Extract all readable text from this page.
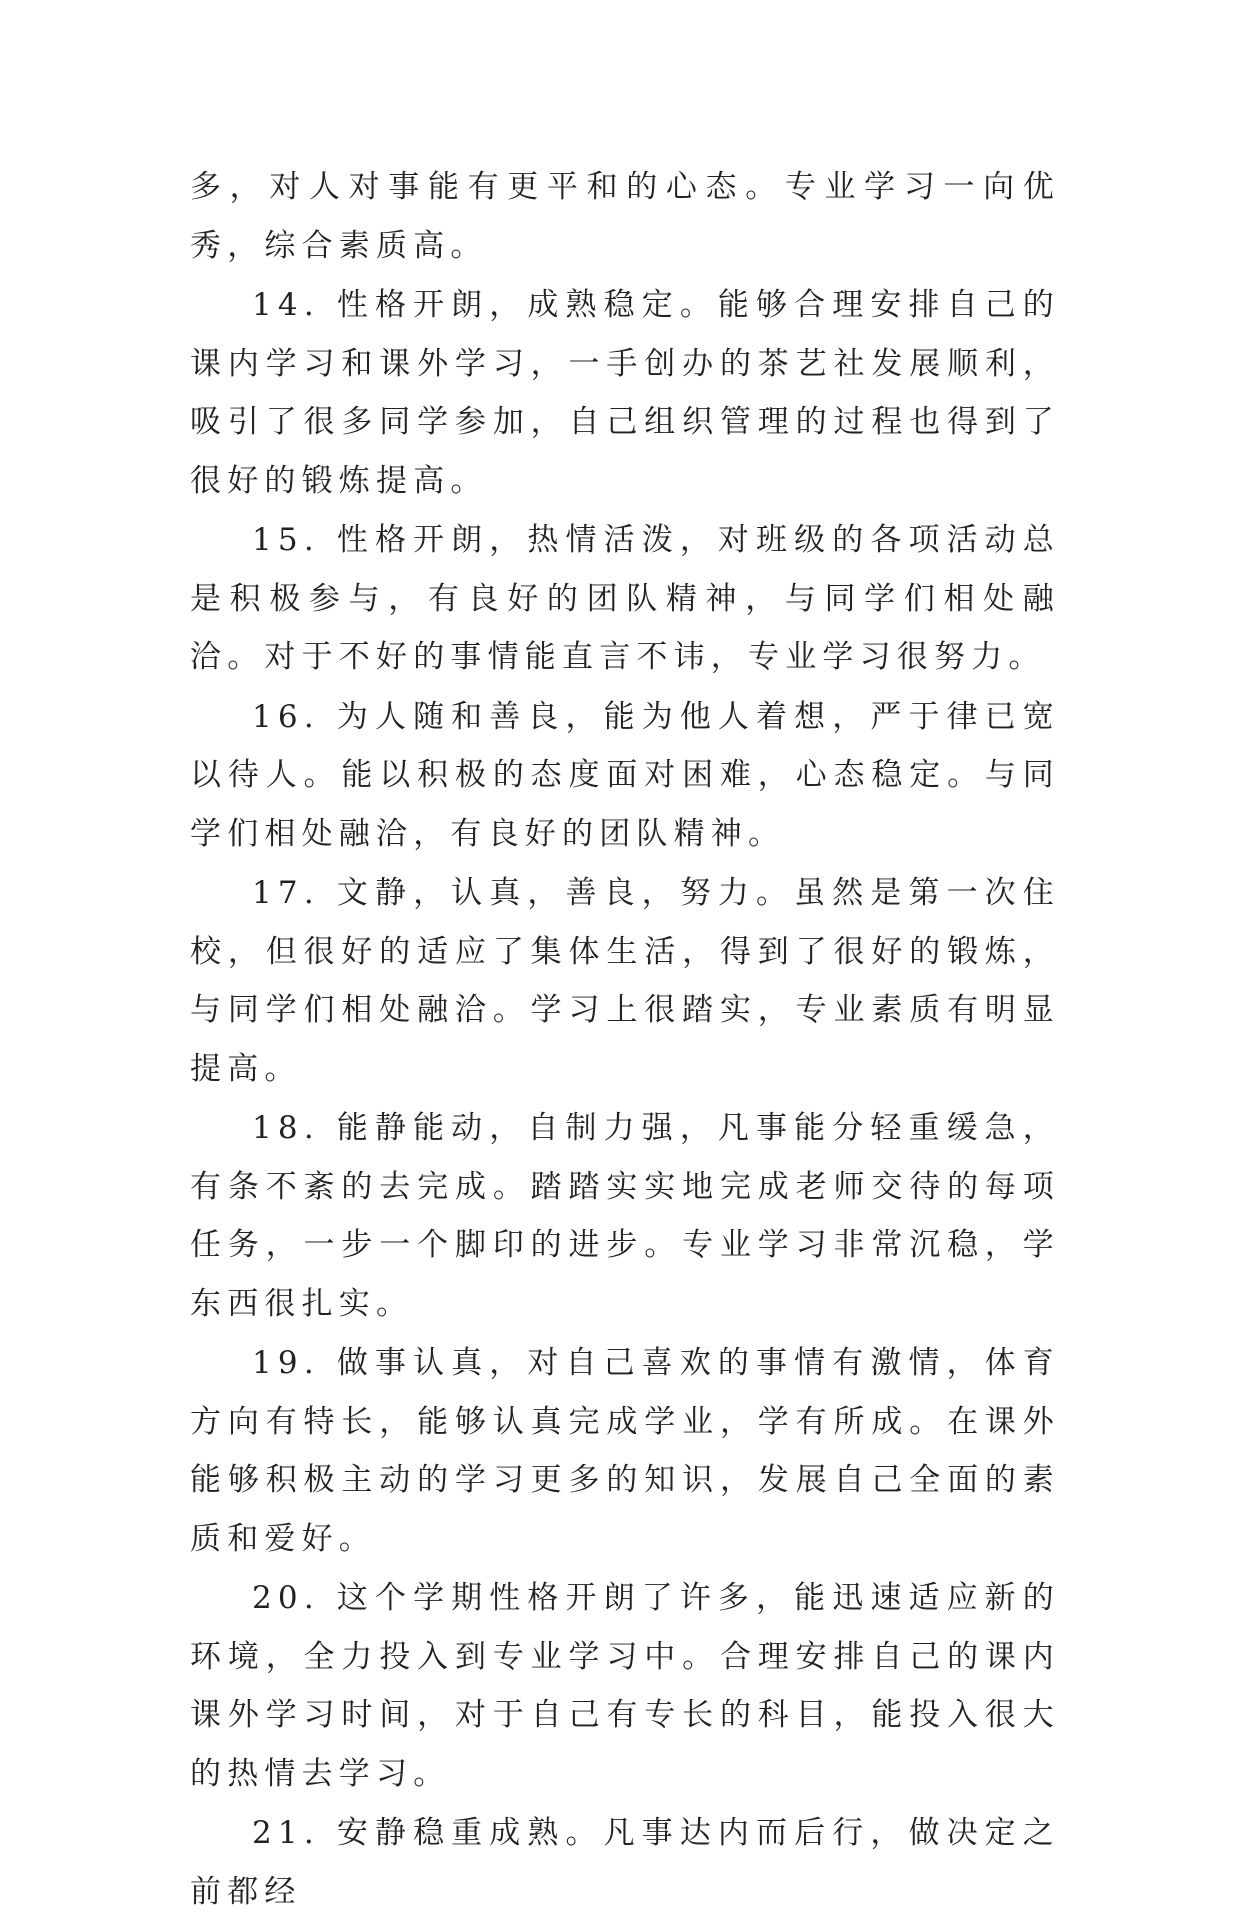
多，对人对事能有更平和的心态。专业学习一向优秀，综合素质高。

14. 性格开朗，成熟稳定。能够合理安排自己的课内学习和课外学习，一手创办的茶艺社发展顺利，吸引了很多同学参加，自己组织管理的过程也得到了很好的锻炼提高。

15. 性格开朗，热情活泼，对班级的各项活动总是积极参与，有良好的团队精神，与同学们相处融洽。对于不好的事情能直言不讳，专业学习很努力。

16. 为人随和善良，能为他人着想，严于律已宽以待人。能以积极的态度面对困难，心态稳定。与同学们相处融洽，有良好的团队精神。

17. 文静，认真，善良，努力。虽然是第一次住校，但很好的适应了集体生活，得到了很好的锻炼，与同学们相处融洽。学习上很踏实，专业素质有明显提高。

18. 能静能动，自制力强，凡事能分轻重缓急，有条不紊的去完成。踏踏实实地完成老师交待的每项任务，一步一个脚印的进步。专业学习非常沉稳，学东西很扎实。

19. 做事认真，对自己喜欢的事情有激情，体育方向有特长，能够认真完成学业，学有所成。在课外能够积极主动的学习更多的知识，发展自己全面的素质和爱好。

20. 这个学期性格开朗了许多，能迅速适应新的环境，全力投入到专业学习中。合理安排自己的课内课外学习时间，对于自己有专长的科目，能投入很大的热情去学习。

21. 安静稳重成熟。凡事达内而后行，做决定之前都经
